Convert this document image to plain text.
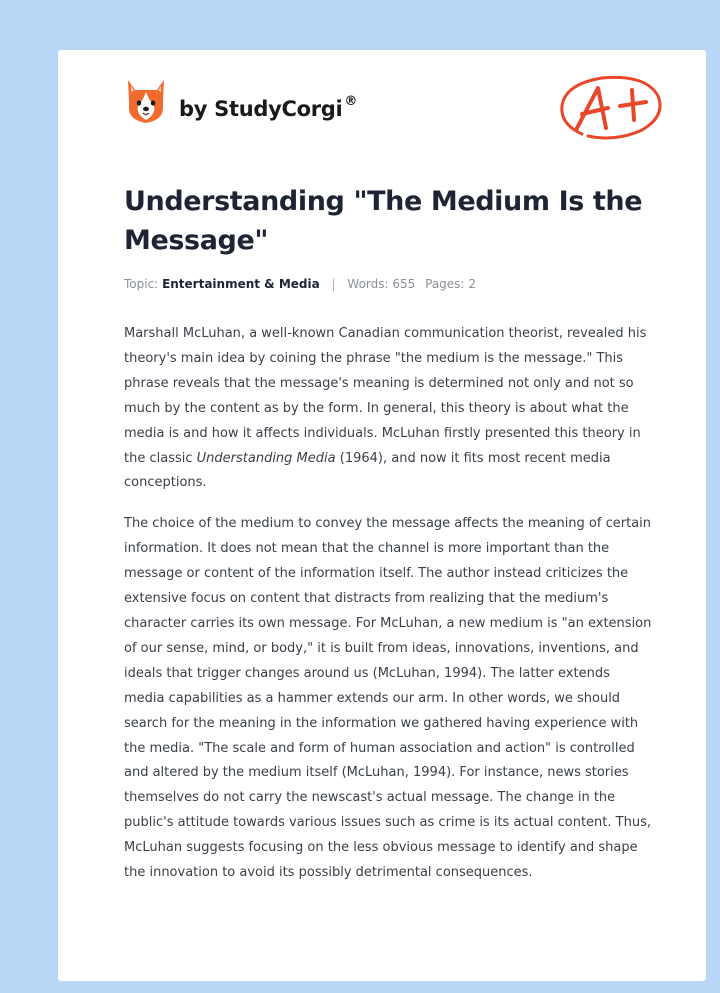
by StudyCorgi ®
Understanding "The Medium Is the Message"
Topic: Entertainment & Media | Words: 655 Pages: 2

Marshall McLuhan, a well-known Canadian communication theorist, revealed his theory's main idea by coining the phrase "the medium is the message." This phrase reveals that the message's meaning is determined not only and not so much by the content as by the form. In general, this theory is about what the media is and how it affects individuals. McLuhan firstly presented this theory in the classic Understanding Media (1964), and now it fits most recent media conceptions.

The choice of the medium to convey the message affects the meaning of certain information. It does not mean that the channel is more important than the message or content of the information itself. The author instead criticizes the extensive focus on content that distracts from realizing that the medium's character carries its own message. For McLuhan, a new medium is "an extension of our sense, mind, or body," it is built from ideas, innovations, inventions, and ideals that trigger changes around us (McLuhan, 1994). The latter extends media capabilities as a hammer extends our arm. In other words, we should search for the meaning in the information we gathered having experience with the media. "The scale and form of human association and action" is controlled and altered by the medium itself (McLuhan, 1994). For instance, news stories themselves do not carry the newscast's actual message. The change in the public's attitude towards various issues such as crime is its actual content. Thus, McLuhan suggests focusing on the less obvious message to identify and shape the innovation to avoid its possibly detrimental consequences.
